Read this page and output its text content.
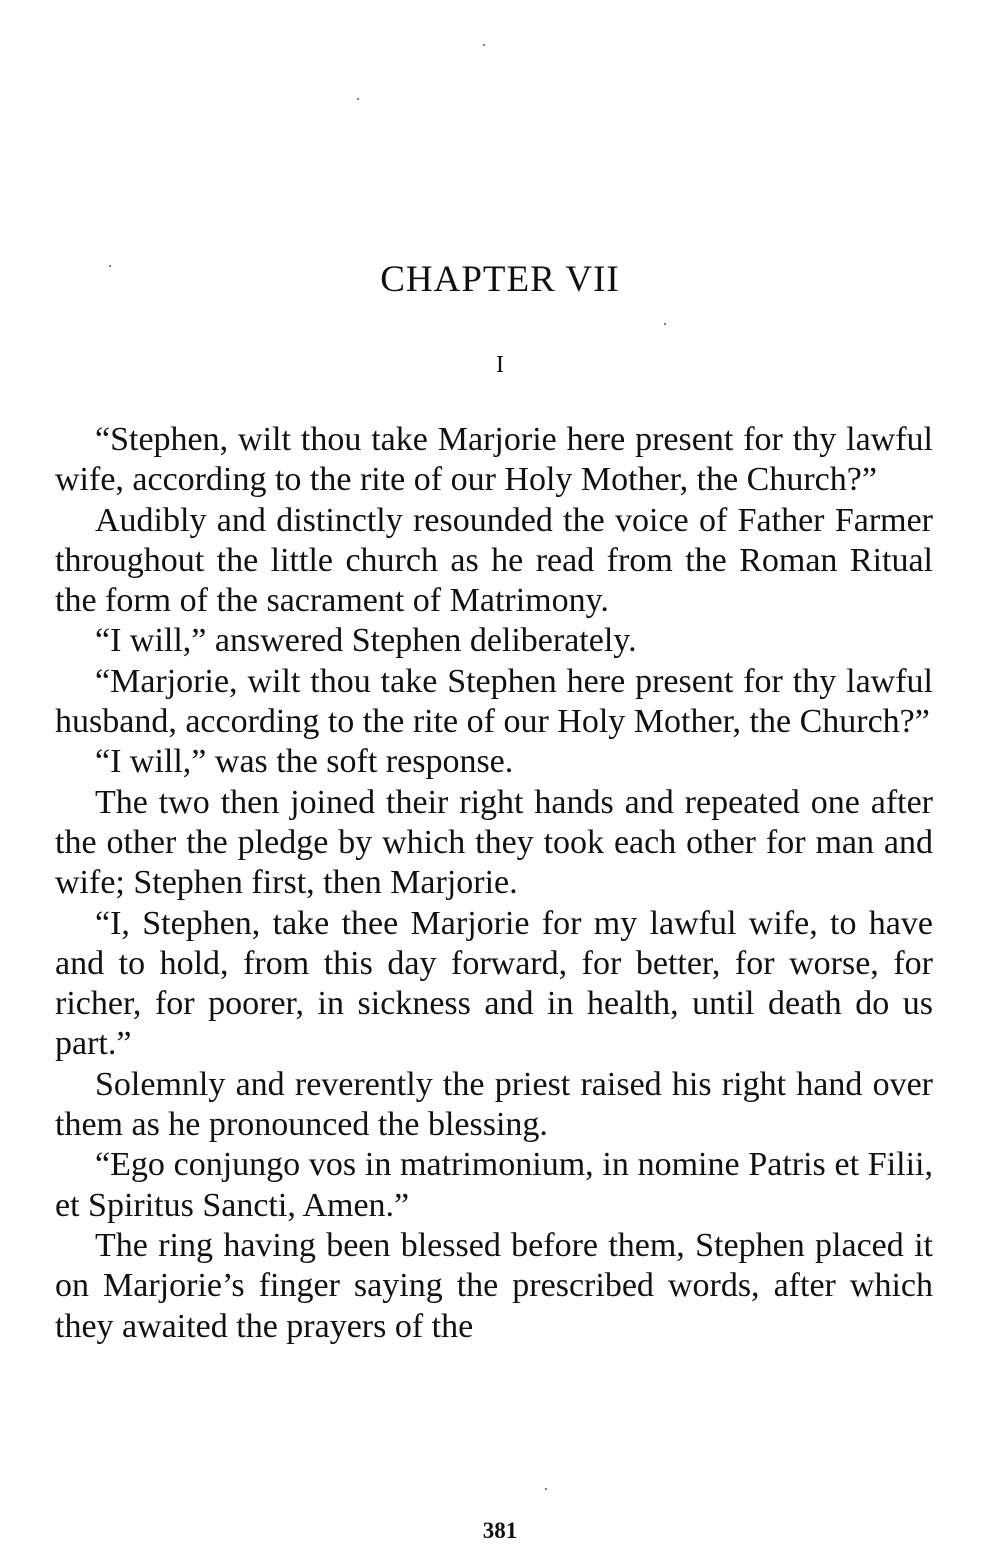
CHAPTER VII
I

“Stephen, wilt thou take Marjorie here present for thy lawful wife, according to the rite of our Holy Mother, the Church?”

Audibly and distinctly resounded the voice of Father Farmer throughout the little church as he read from the Roman Ritual the form of the sacrament of Matrimony.

“I will,” answered Stephen deliberately.

“Marjorie, wilt thou take Stephen here present for thy lawful husband, according to the rite of our Holy Mother, the Church?”

“I will,” was the soft response.

The two then joined their right hands and repeated one after the other the pledge by which they took each other for man and wife; Stephen first, then Marjorie.

“I, Stephen, take thee Marjorie for my lawful wife, to have and to hold, from this day forward, for better, for worse, for richer, for poorer, in sickness and in health, until death do us part.”

Solemnly and reverently the priest raised his right hand over them as he pronounced the blessing.

“Ego conjungo vos in matrimonium, in nomine Patris et Filii, et Spiritus Sancti, Amen.”

The ring having been blessed before them, Stephen placed it on Marjorie’s finger saying the prescribed words, after which they awaited the prayers of the

381
